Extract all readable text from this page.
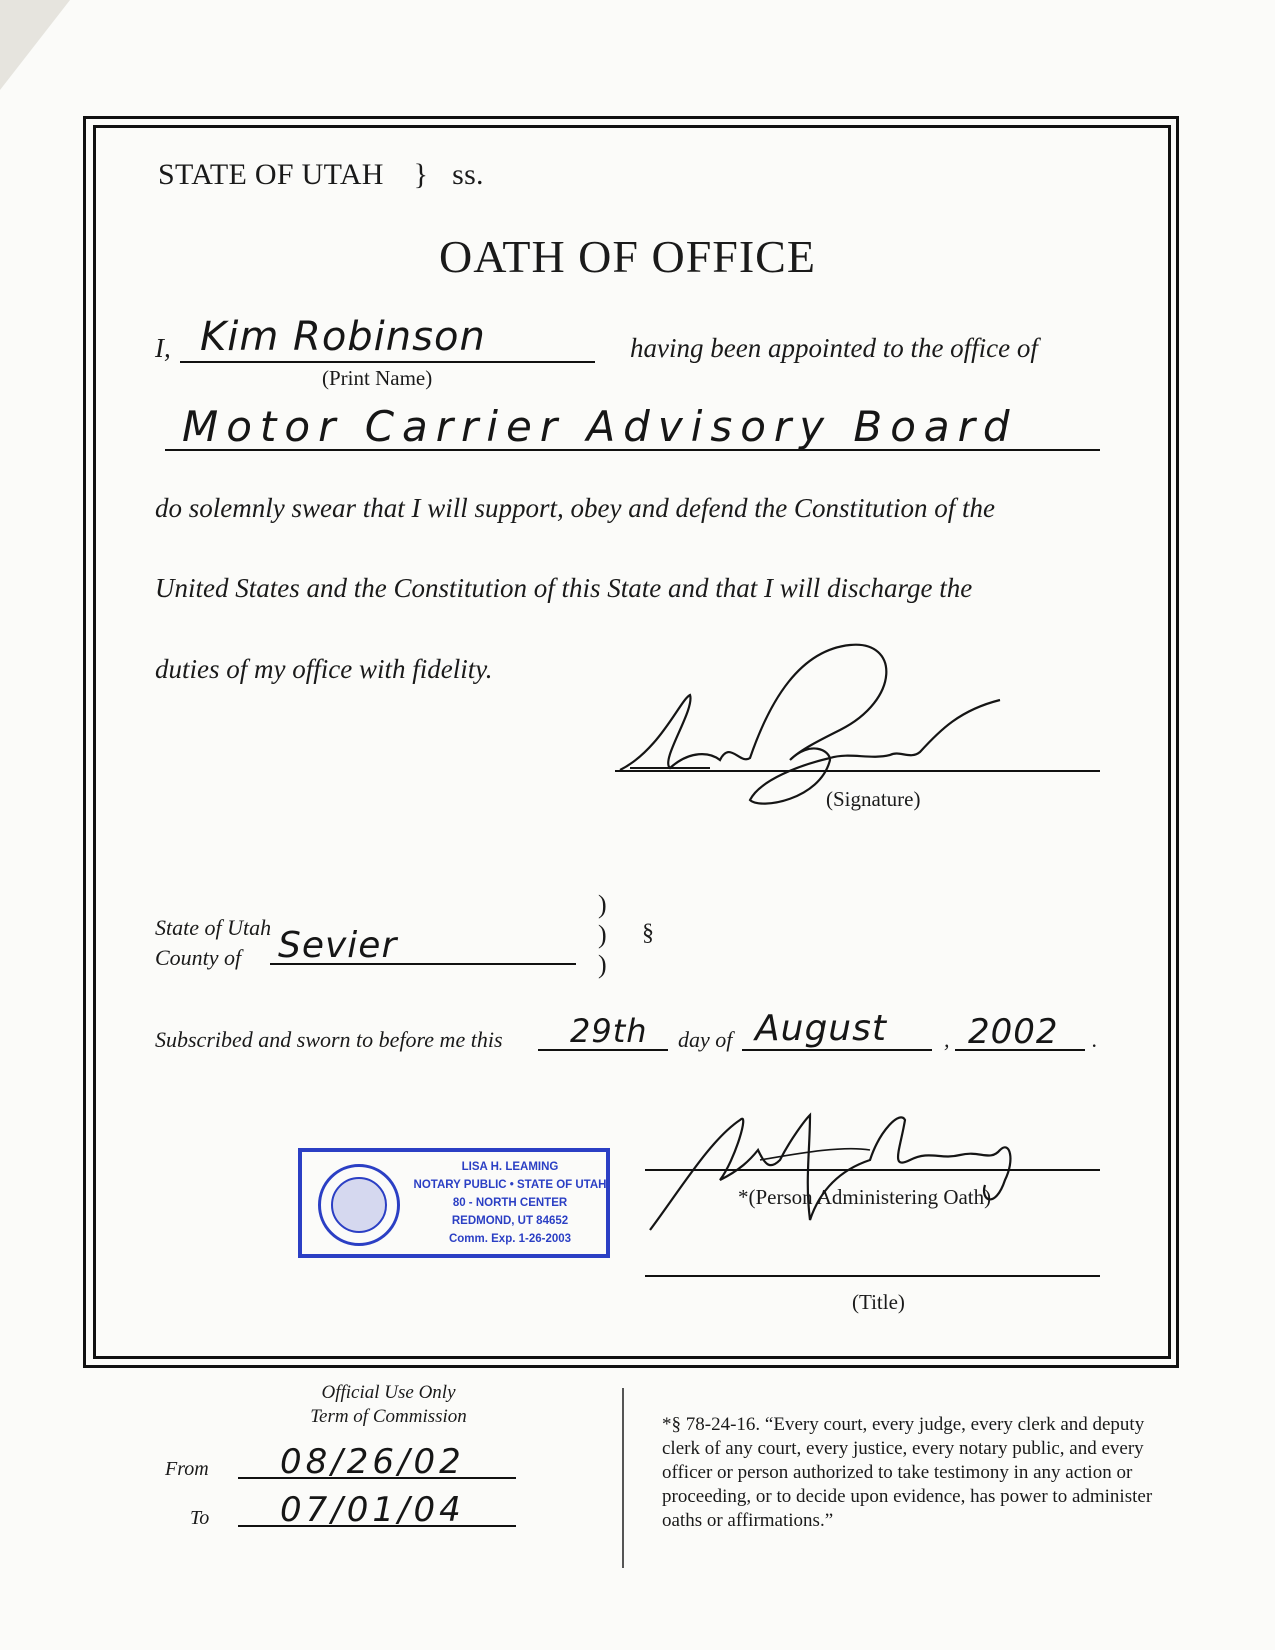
STATE OF UTAH } ss.
OATH OF OFFICE
I, Kim Robinson
(Print Name)
having been appointed to the office of
Motor Carrier Advisory Board
do solemnly swear that I will support, obey and defend the Constitution of the
United States and the Constitution of this State and that I will discharge the
duties of my office with fidelity.
(Signature)
State of Utah
County of Sevier
)
)
)
§
Subscribed and sworn to before me this 29th day of August	, 2002 .
LISA H. LEAMING
NOTARY PUBLIC • STATE OF UTAH
80 - NORTH CENTER
REDMOND, UT 84652
Comm. Exp. 1-26-2003
*(Person Administering Oath)
(Title)
Official Use Only
Term of Commission
From 08/26/02
To 07/01/04
*§ 78-24-16. “Every court, every judge, every clerk and deputy clerk of any court, every justice, every notary public, and every officer or person authorized to take testimony in any action or proceeding, or to decide upon evidence, has power to administer oaths or affirmations.”
